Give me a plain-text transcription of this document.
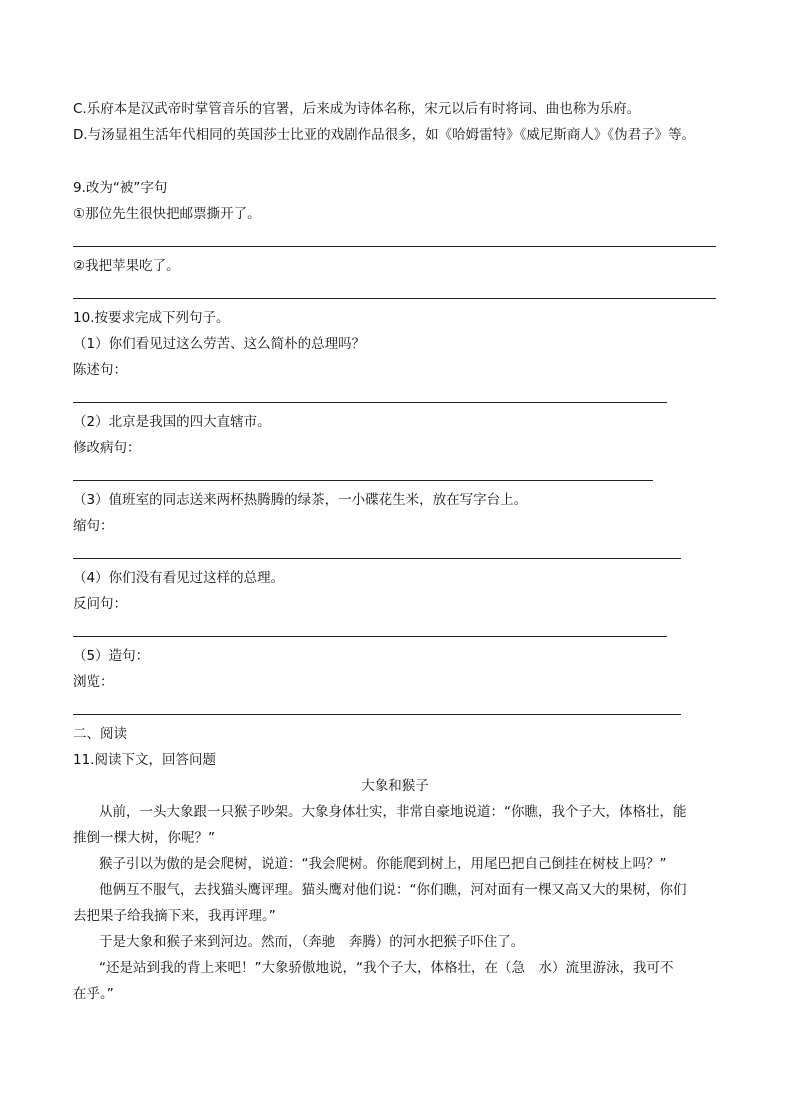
C.乐府本是汉武帝时掌管音乐的官署，后来成为诗体名称，宋元以后有时将词、曲也称为乐府。

D.与汤显祖生活年代相同的英国莎士比亚的戏剧作品很多，如《哈姆雷特》《威尼斯商人》《伪君子》等。

9.改为“被”字句

①那位先生很快把邮票撕开了。

②我把苹果吃了。

10.按要求完成下列句子。

（1）你们看见过这么劳苦、这么简朴的总理吗？

陈述句：

（2）北京是我国的四大直辖市。

修改病句：

（3）值班室的同志送来两杯热腾腾的绿茶，一小碟花生米，放在写字台上。

缩句：

（4）你们没有看见过这样的总理。

反问句：

（5）造句：

浏览：

二、阅读

11.阅读下文，回答问题

大象和猴子

从前，一头大象跟一只猴子吵架。大象身体壮实，非常自豪地说道：“你瞧，我个子大，体格壮，能

推倒一棵大树，你呢？”

猴子引以为傲的是会爬树，说道：“我会爬树。你能爬到树上，用尾巴把自己倒挂在树枝上吗？”

他俩互不服气，去找猫头鹰评理。猫头鹰对他们说：“你们瞧，河对面有一棵又高又大的果树，你们

去把果子给我摘下来，我再评理。”

于是大象和猴子来到河边。然而，（奔驰　奔腾）的河水把猴子吓住了。

“还是站到我的背上来吧！”大象骄傲地说，“我个子大，体格壮，在（急　水）流里游泳，我可不

在乎。”
